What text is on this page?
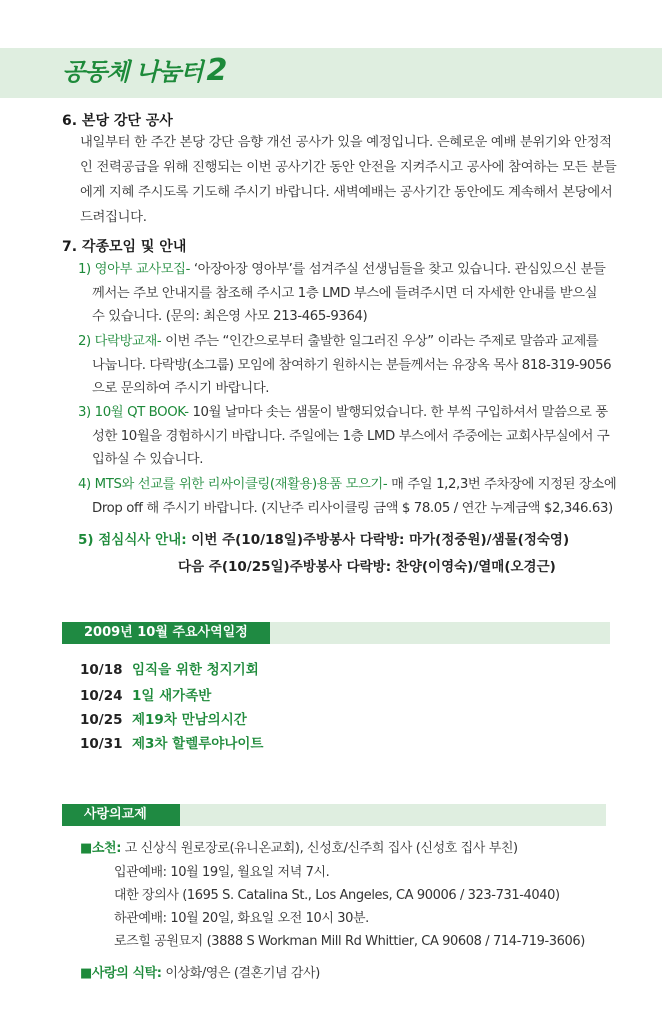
공동체 나눔터 2
6. 본당 강단 공사
내일부터 한 주간 본당 강단 음향 개선 공사가 있을 예정입니다. 은혜로운 예배 분위기와 안정적
인 전력공급을 위해 진행되는 이번 공사기간 동안 안전을 지켜주시고 공사에 참여하는 모든 분들
에게 지혜 주시도록 기도해 주시기 바랍니다. 새벽예배는 공사기간 동안에도 계속해서 본당에서
드려집니다.
7. 각종모임 및 안내
1) 영아부 교사모집- ‘아장아장 영아부’를 섬겨주실 선생님들을 찾고 있습니다. 관심있으신 분들
께서는 주보 안내지를 참조해 주시고 1층 LMD 부스에 들려주시면 더 자세한 안내를 받으실
수 있습니다. (문의: 최은영 사모 213-465-9364)
2) 다락방교재- 이번 주는 “인간으로부터 출발한 일그러진 우상” 이라는 주제로 말씀과 교제를
나눕니다. 다락방(소그룹) 모임에 참여하기 원하시는 분들께서는 유장옥 목사 818-319-9056
으로 문의하여 주시기 바랍니다.
3) 10월 QT BOOK- 10월 날마다 솟는 샘물이 발행되었습니다. 한 부씩 구입하셔서 말씀으로 풍
성한 10월을 경험하시기 바랍니다. 주일에는 1층 LMD 부스에서 주중에는 교회사무실에서 구
입하실 수 있습니다.
4) MTS와 선교를 위한 리싸이클링(재활용)용품 모으기- 매 주일 1,2,3번 주차장에 지정된 장소에
Drop off 해 주시기 바랍니다. (지난주 리사이클링 금액 $ 78.05 / 연간 누계금액 $2,346.63)
5) 점심식사 안내: 이번 주(10/18일)주방봉사 다락방: 마가(정중원)/샘물(정숙영)
다음 주(10/25일)주방봉사 다락방: 찬양(이영숙)/열매(오경근)
2009년 10월 주요사역일정
10/18 임직을 위한 청지기회
10/24 1일 새가족반
10/25 제19차 만남의시간
10/31 제3차 할렐루야나이트
사랑의교제
■소천: 고 신상식 원로장로(유니온교회), 신성호/신주희 집사 (신성호 집사 부친)
입관예배: 10월 19일, 월요일 저녁 7시.
대한 장의사 (1695 S. Catalina St., Los Angeles, CA 90006 / 323-731-4040)
하관예배: 10월 20일, 화요일 오전 10시 30분.
로즈힐 공원묘지 (3888 S Workman Mill Rd Whittier, CA 90608 / 714-719-3606)
■사랑의 식탁: 이상화/영은 (결혼기념 감사)
